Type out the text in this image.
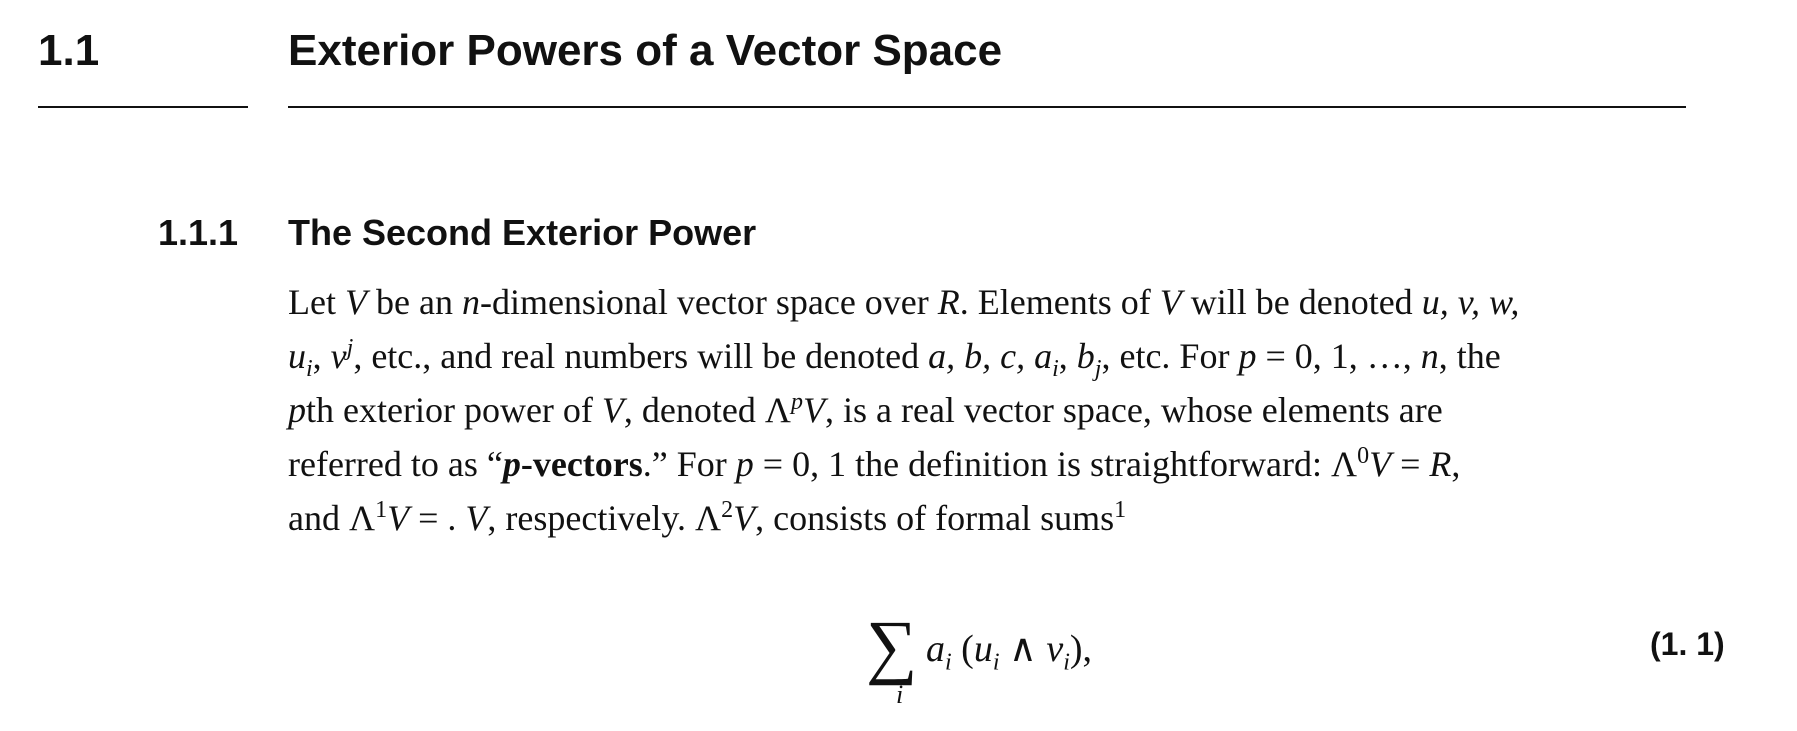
1.1	Exterior Powers of a Vector Space
1.1.1 The Second Exterior Power
Let V be an n-dimensional vector space over R. Elements of V will be denoted u, v, w,
$u_i$, $v^j$, etc., and real numbers will be denoted a, b, c, $a_i$, $b_j$, etc. For p = 0, 1, …, n, the
pth exterior power of V, denoted $\Lambda^pV$, is a real vector space, whose elements are
referred to as “p-vectors.” For p = 0, 1 the definition is straightforward: $\Lambda^0V = R$,
and $\Lambda^1V$ = . V, respectively. $\Lambda^2V$, consists of formal sums$^1$
∑
i
$a_i$ ($u_i$ ∧ $v_i$),	(1. 1)
